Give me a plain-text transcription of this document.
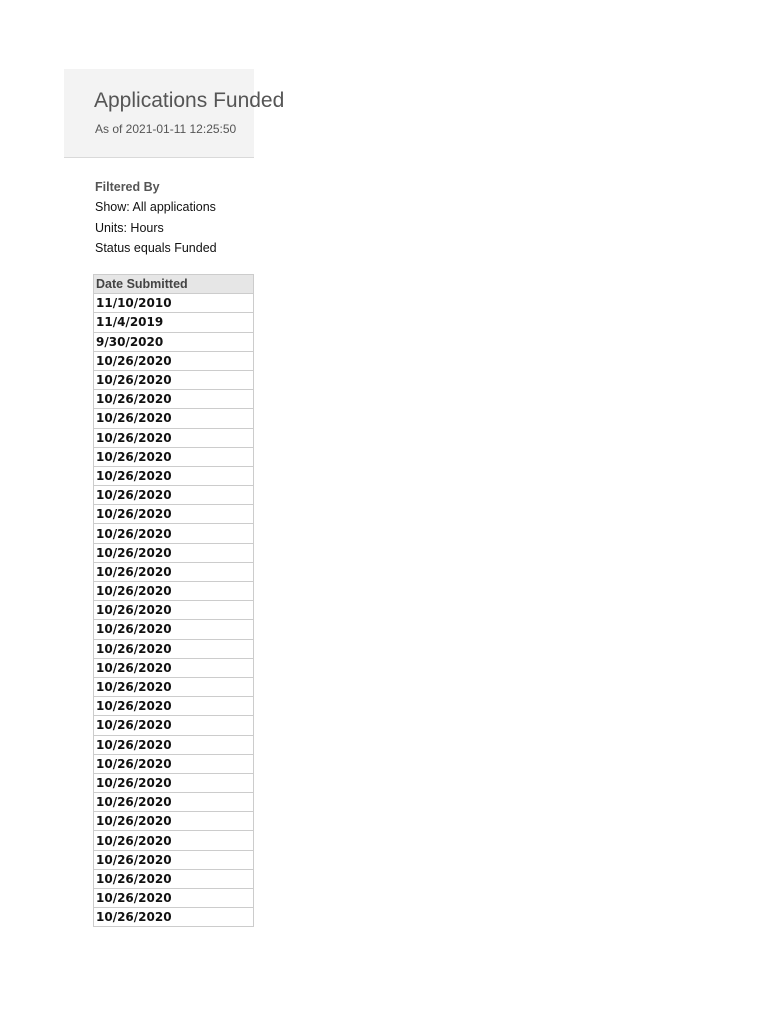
Applications Funded
As of 2021-01-11 12:25:50
Filtered By
Show: All applications
Units: Hours
Status equals Funded
Date Submitted
11/10/2010
11/4/2019
9/30/2020
10/26/2020
10/26/2020
10/26/2020
10/26/2020
10/26/2020
10/26/2020
10/26/2020
10/26/2020
10/26/2020
10/26/2020
10/26/2020
10/26/2020
10/26/2020
10/26/2020
10/26/2020
10/26/2020
10/26/2020
10/26/2020
10/26/2020
10/26/2020
10/26/2020
10/26/2020
10/26/2020
10/26/2020
10/26/2020
10/26/2020
10/26/2020
10/26/2020
10/26/2020
10/26/2020
